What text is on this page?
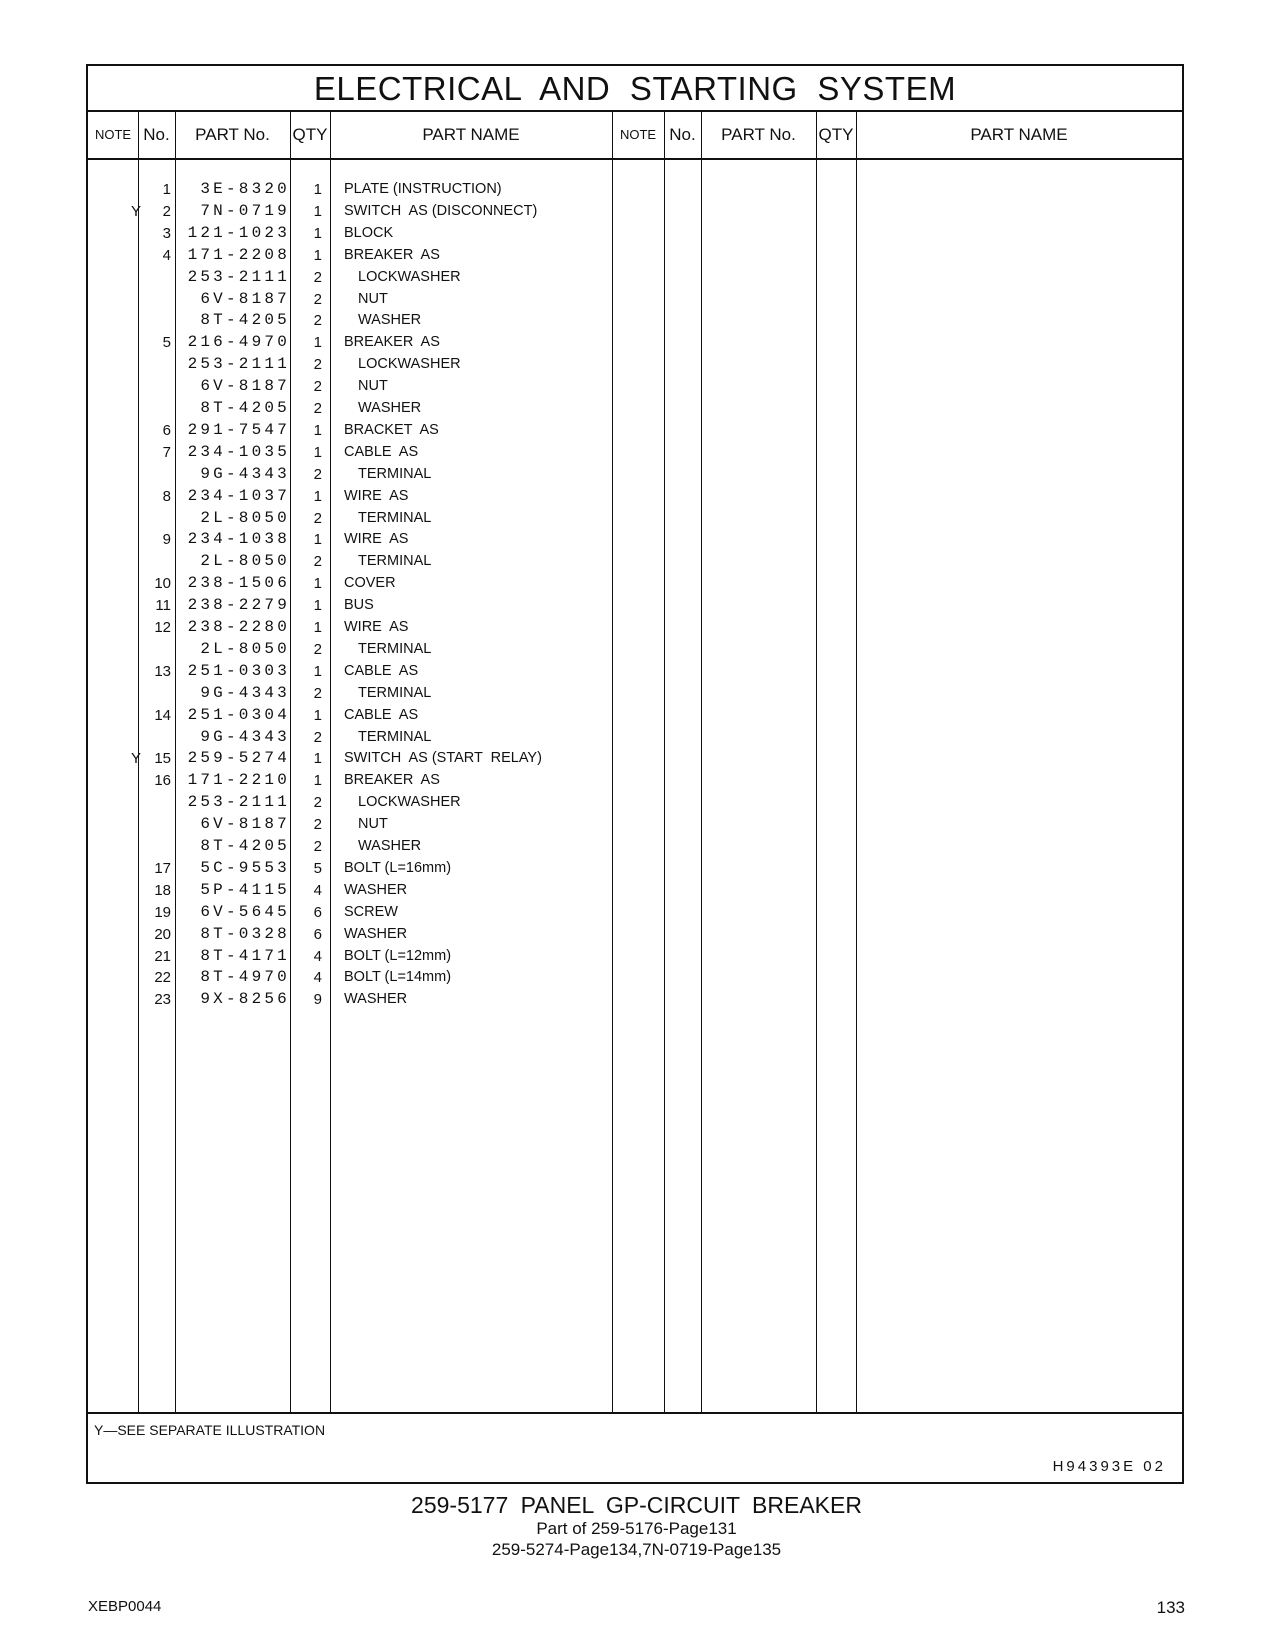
ELECTRICAL AND STARTING SYSTEM
NOTE No.	PART No.	QTY	PART NAME	NOTE No.	PART No.	QTY	PART NAME
1	3E-8320	1 PLATE (INSTRUCTION)
Y	2	7N-0719	1 SWITCH  AS (DISCONNECT)
3	121-1023	1 BLOCK
4	171-2208	1 BREAKER  AS
253-2111	2 LOCKWASHER
6V-8187	2 NUT
8T-4205	2 WASHER
5	216-4970	1 BREAKER  AS
253-2111	2 LOCKWASHER
6V-8187	2 NUT
8T-4205	2 WASHER
6	291-7547	1 BRACKET  AS
7	234-1035	1 CABLE  AS
9G-4343	2 TERMINAL
8	234-1037	1 WIRE  AS
2L-8050	2 TERMINAL
9	234-1038	1 WIRE  AS
2L-8050	2 TERMINAL
10	238-1506	1 COVER
11	238-2279	1 BUS
12	238-2280	1 WIRE  AS
2L-8050	2 TERMINAL
13	251-0303	1 CABLE  AS
9G-4343	2 TERMINAL
14	251-0304	1 CABLE  AS
9G-4343	2 TERMINAL
Y 15	259-5274	1 SWITCH  AS (START  RELAY)
16	171-2210	1 BREAKER  AS
253-2111	2 LOCKWASHER
6V-8187	2 NUT
8T-4205	2 WASHER
17	5C-9553	5 BOLT (L=16mm)
18	5P-4115	4 WASHER
19	6V-5645	6 SCREW
20	8T-0328	6 WASHER
21	8T-4171	4 BOLT (L=12mm)
22	8T-4970	4 BOLT (L=14mm)
23	9X-8256	9 WASHER
Y—SEE SEPARATE ILLUSTRATION
H94393E 02
259-5177 PANEL GP-CIRCUIT BREAKER
Part of 259-5176-Page131
259-5274-Page134,7N-0719-Page135
XEBP0044	133
